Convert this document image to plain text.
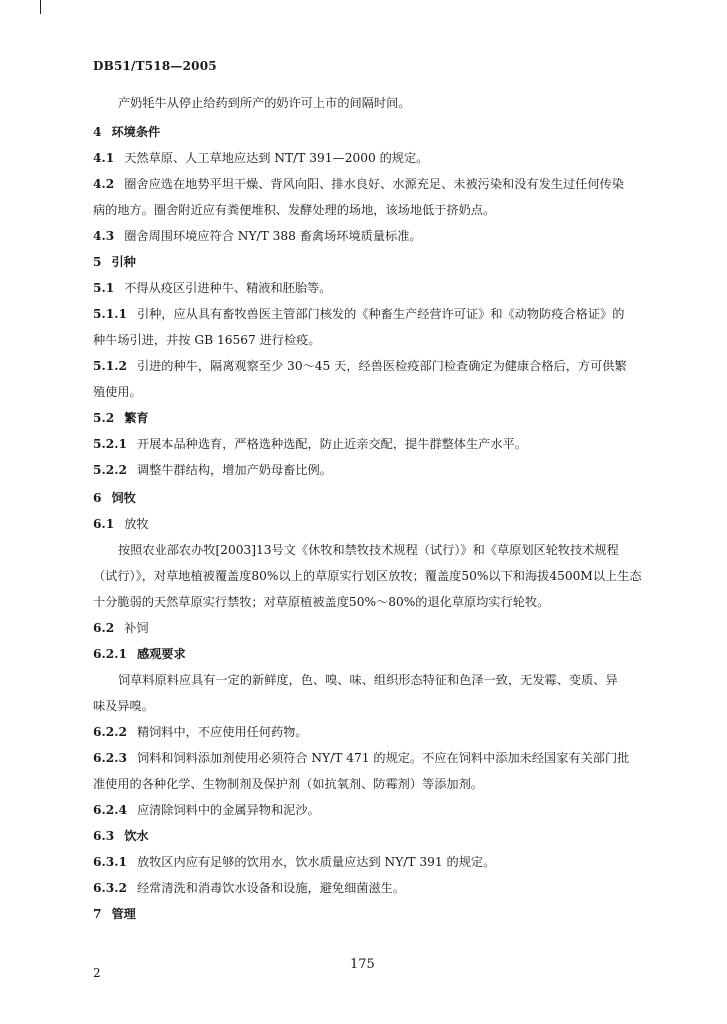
DB51/T518—2005
产奶牦牛从停止给药到所产的奶许可上市的间隔时间。
4 环境条件
4.1 天然草原、人工草地应达到 NT/T 391—2000 的规定。
4.2 圈舍应选在地势平坦干燥、背风向阳、排水良好、水源充足、未被污染和没有发生过任何传染
病的地方。圈舍附近应有粪便堆积、发酵处理的场地，该场地低于挤奶点。
4.3 圈舍周围环境应符合 NY/T 388 畜禽场环境质量标准。
5 引种
5.1 不得从疫区引进种牛、精液和胚胎等。
5.1.1 引种，应从具有畜牧兽医主管部门核发的《种畜生产经营许可证》和《动物防疫合格证》的
种牛场引进，并按 GB 16567 进行检疫。
5.1.2 引进的种牛，隔离观察至少 30～45 天，经兽医检疫部门检查确定为健康合格后，方可供繁
殖使用。
5.2 繁育
5.2.1 开展本品种选育，严格选种选配，防止近亲交配，提牛群整体生产水平。
5.2.2 调整牛群结构，增加产奶母畜比例。
6 饲牧
6.1 放牧
按照农业部农办牧[2003]13号文《休牧和禁牧技术规程（试行）》和《草原划区轮牧技术规程
（试行）》，对草地植被覆盖度80%以上的草原实行划区放牧；覆盖度50%以下和海拔4500M以上生态
十分脆弱的天然草原实行禁牧；对草原植被盖度50%～80%的退化草原均实行轮牧。
6.2 补饲
6.2.1 感观要求
饲草料原料应具有一定的新鲜度，色、嗅、味、组织形态特征和色泽一致，无发霉、变质、异
味及异嗅。
6.2.2 精饲料中，不应使用任何药物。
6.2.3 饲料和饲料添加剂使用必须符合 NY/T 471 的规定。不应在饲料中添加未经国家有关部门批
准使用的各种化学、生物制剂及保护剂（如抗氧剂、防霉剂）等添加剂。
6.2.4 应清除饲料中的金属异物和泥沙。
6.3 饮水
6.3.1 放牧区内应有足够的饮用水，饮水质量应达到 NY/T 391 的规定。
6.3.2 经常清洗和消毒饮水设备和设施，避免细菌滋生。
7 管理
2
175
